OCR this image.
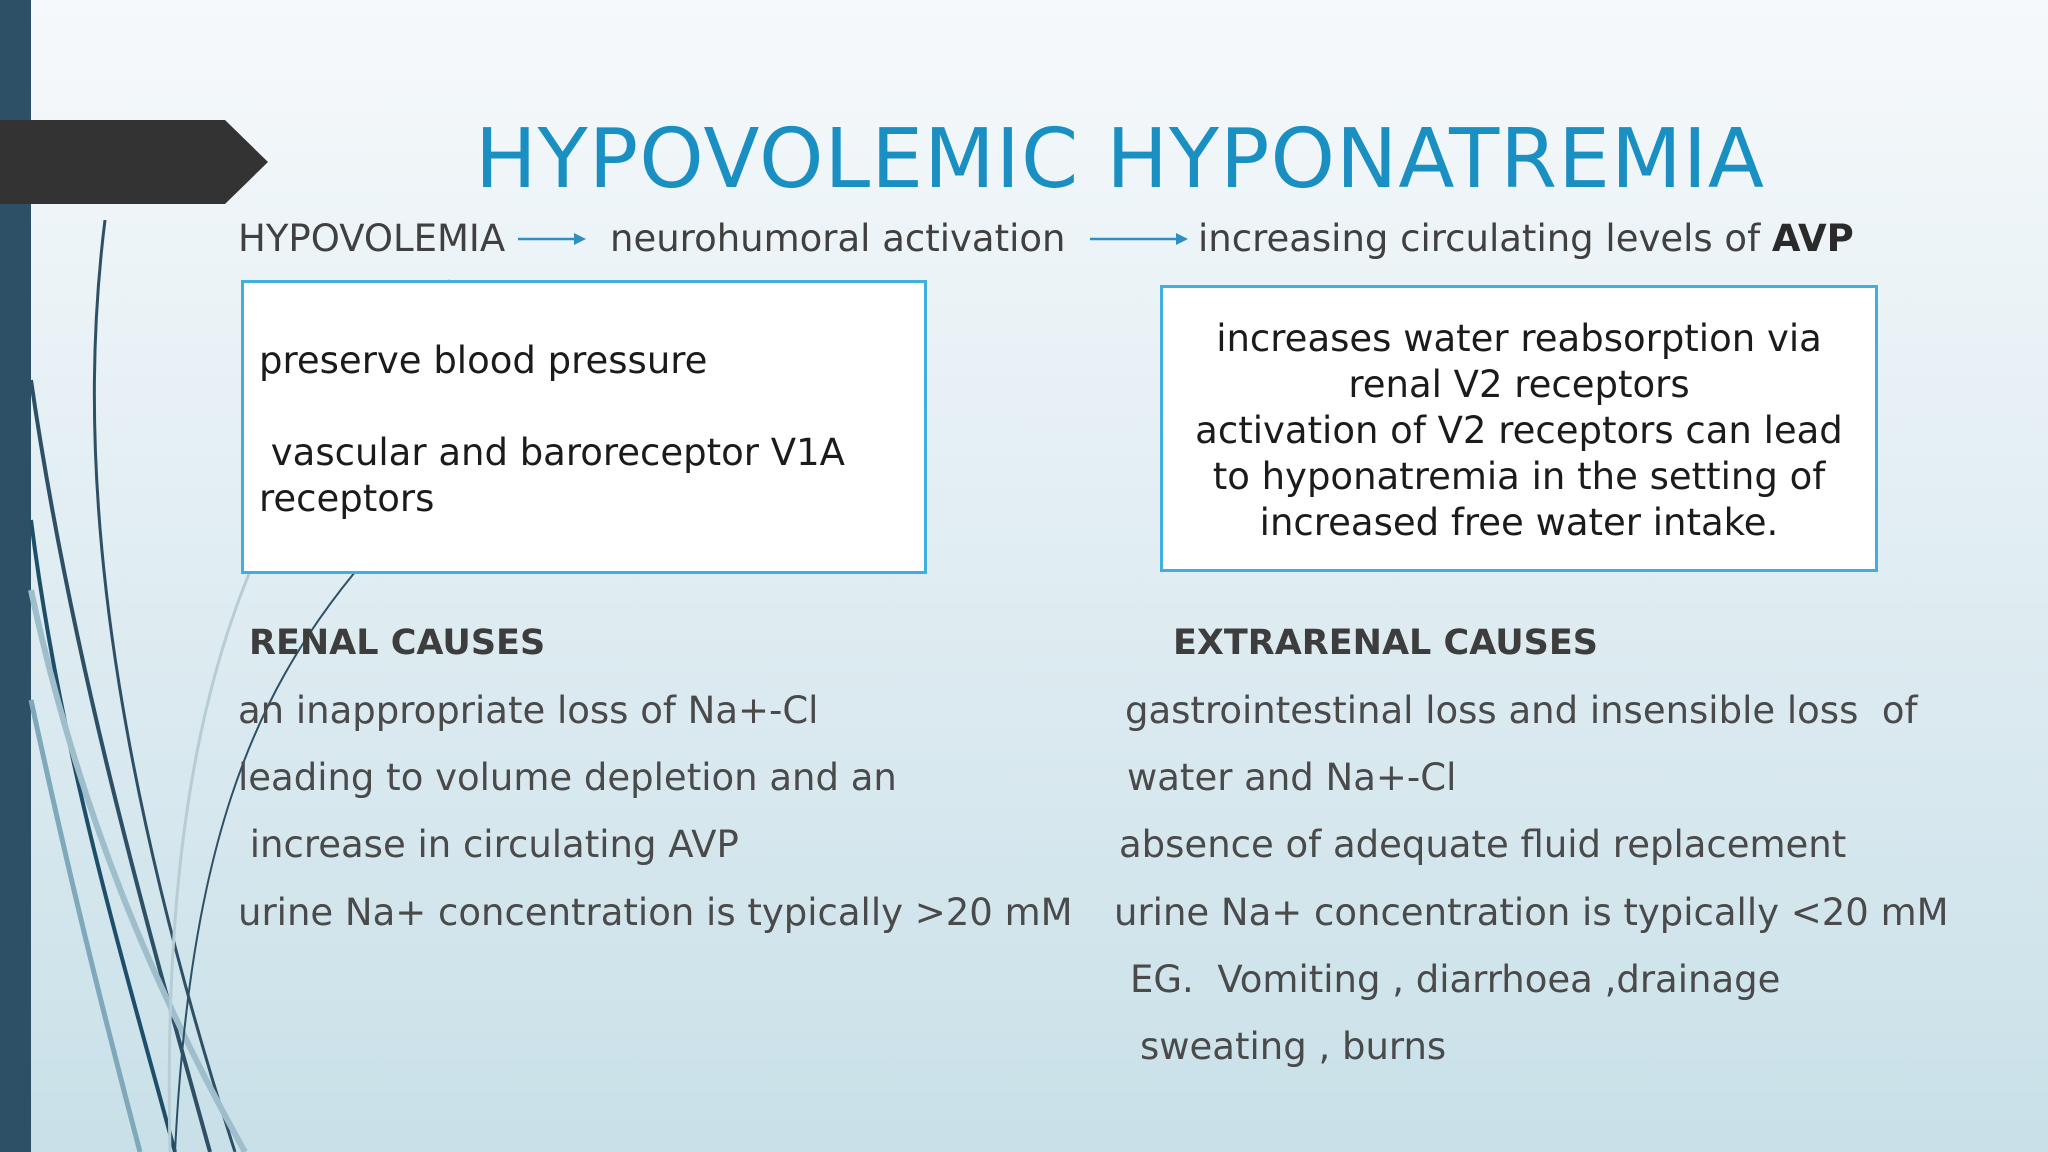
HYPOVOLEMIC HYPONATREMIA
HYPOVOLEMIA	neurohumoral activation	increasing circulating levels of AVP

preserve blood pressure

vascular and baroreceptor V1A

receptors

increases water reabsorption via

renal V2 receptors

activation of V2 receptors can lead

to hyponatremia in the setting of

increased free water intake.

RENAL CAUSES
an inappropriate loss of Na+-Cl
leading to volume depletion and an
increase in circulating AVP
urine Na+ concentration is typically >20 mM
EXTRARENAL CAUSES
gastrointestinal loss and insensible loss  of
water and Na+-Cl
absence of adequate fluid replacement
urine Na+ concentration is typically <20 mM
EG.  Vomiting , diarrhoea ,drainage
sweating , burns
